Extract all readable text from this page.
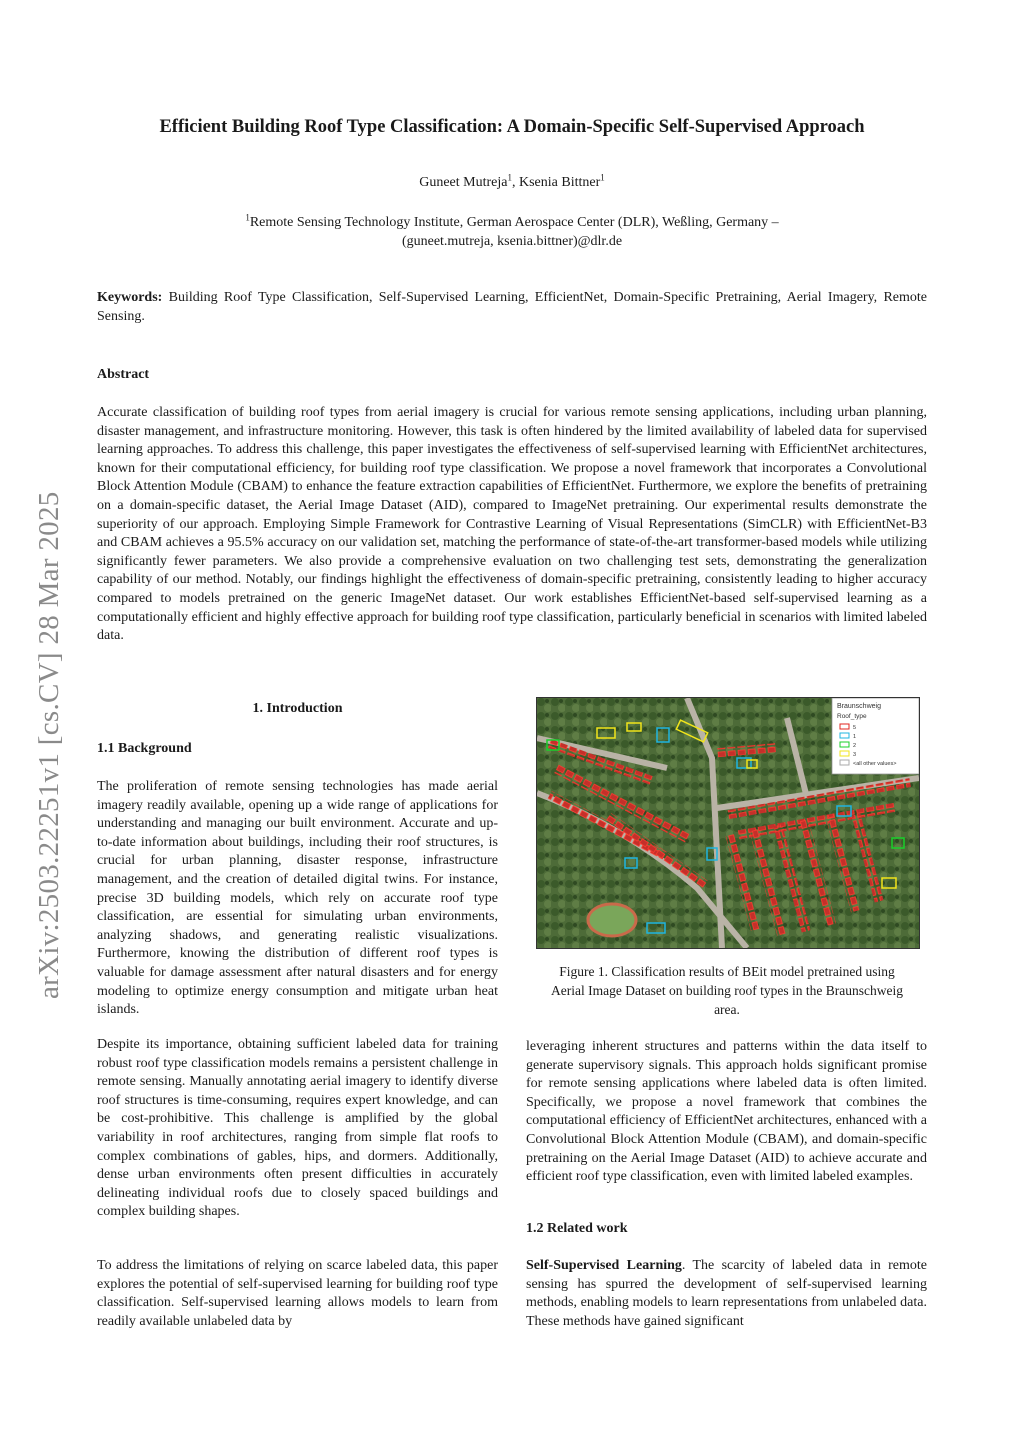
arXiv:2503.22251v1 [cs.CV] 28 Mar 2025
Efficient Building Roof Type Classification: A Domain-Specific Self-Supervised Approach
Guneet Mutreja$^1$, Ksenia Bittner$^1$
$^1$Remote Sensing Technology Institute, German Aerospace Center (DLR), Weßling, Germany –
(guneet.mutreja, ksenia.bittner)@dlr.de
Keywords: Building Roof Type Classification, Self-Supervised Learning, EfficientNet, Domain-Specific Pretraining, Aerial Imagery, Remote Sensing.
Abstract

Accurate classification of building roof types from aerial imagery is crucial for various remote sensing applications, including urban planning, disaster management, and infrastructure monitoring. However, this task is often hindered by the limited availability of labeled data for supervised learning approaches. To address this challenge, this paper investigates the effectiveness of self-supervised learning with EfficientNet architectures, known for their computational efficiency, for building roof type classification. We propose a novel framework that incorporates a Convolutional Block Attention Module (CBAM) to enhance the feature extraction capabilities of EfficientNet. Furthermore, we explore the benefits of pretraining on a domain-specific dataset, the Aerial Image Dataset (AID), compared to ImageNet pretraining. Our experimental results demonstrate the superiority of our approach. Employing Simple Framework for Contrastive Learning of Visual Representations (SimCLR) with EfficientNet-B3 and CBAM achieves a 95.5% accuracy on our validation set, matching the performance of state-of-the-art transformer-based models while utilizing significantly fewer parameters. We also provide a comprehensive evaluation on two challenging test sets, demonstrating the generalization capability of our method. Notably, our findings highlight the effectiveness of domain-specific pretraining, consistently leading to higher accuracy compared to models pretrained on the generic ImageNet dataset. Our work establishes EfficientNet-based self-supervised learning as a computationally efficient and highly effective approach for building roof type classification, particularly beneficial in scenarios with limited labeled data.

1. Introduction
1.1 Background

The proliferation of remote sensing technologies has made aerial imagery readily available, opening up a wide range of applications for understanding and managing our built environment. Accurate and up-to-date information about buildings, including their roof structures, is crucial for urban planning, disaster response, infrastructure management, and the creation of detailed digital twins. For instance, precise 3D building models, which rely on accurate roof type classification, are essential for simulating urban environments, analyzing shadows, and generating realistic visualizations. Furthermore, knowing the distribution of different roof types is valuable for damage assessment after natural disasters and for energy modeling to optimize energy consumption and mitigate urban heat islands.

Despite its importance, obtaining sufficient labeled data for training robust roof type classification models remains a persistent challenge in remote sensing. Manually annotating aerial imagery to identify diverse roof structures is time-consuming, requires expert knowledge, and can be cost-prohibitive. This challenge is amplified by the global variability in roof architectures, ranging from simple flat roofs to complex combinations of gables, hips, and dormers. Additionally, dense urban environments often present difficulties in accurately delineating individual roofs due to closely spaced buildings and complex building shapes.

To address the limitations of relying on scarce labeled data, this paper explores the potential of self-supervised learning for building roof type classification. Self-supervised learning allows models to learn from readily available unlabeled data by

Braunschweig
Roof_type
5
1
2
3
<all other values>
Figure 1. Classification results of BEit model pretrained using Aerial Image Dataset on building roof types in the Braunschweig area.

leveraging inherent structures and patterns within the data itself to generate supervisory signals. This approach holds significant promise for remote sensing applications where labeled data is often limited. Specifically, we propose a novel framework that combines the computational efficiency of EfficientNet architectures, enhanced with a Convolutional Block Attention Module (CBAM), and domain-specific pretraining on the Aerial Image Dataset (AID) to achieve accurate and efficient roof type classification, even with limited labeled examples.

1.2 Related work

Self-Supervised Learning. The scarcity of labeled data in remote sensing has spurred the development of self-supervised learning methods, enabling models to learn representations from unlabeled data. These methods have gained significant
